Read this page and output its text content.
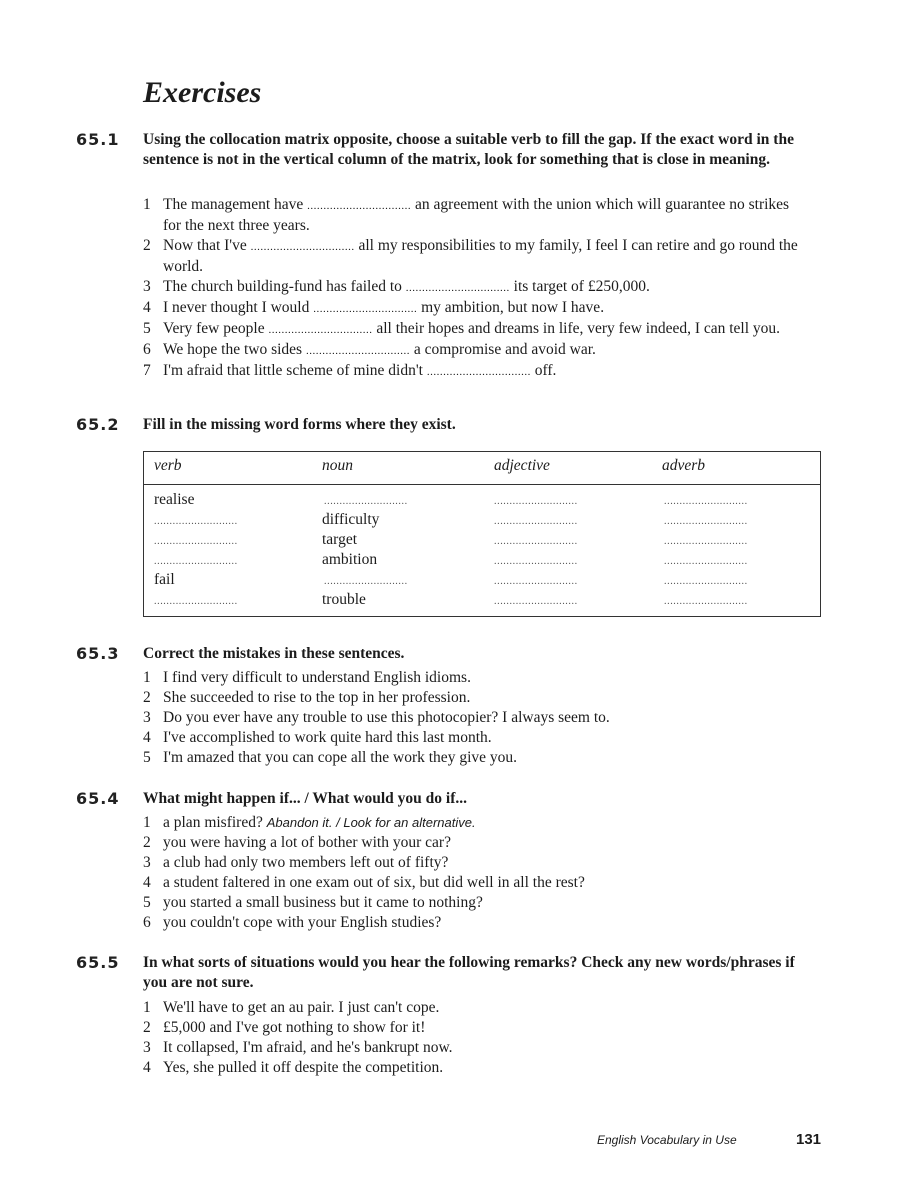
Exercises
65.1 Using the collocation matrix opposite, choose a suitable verb to fill the gap. If the exact word in the sentence is not in the vertical column of the matrix, look for something that is close in meaning.

1 The management have ................................ an agreement with the union which will guarantee no strikes for the next three years.
2 Now that I've ................................ all my responsibilities to my family, I feel I can retire and go round the world.
3 The church building-fund has failed to ................................ its target of £250,000.
4 I never thought I would ................................ my ambition, but now I have.
5 Very few people ................................ all their hopes and dreams in life, very few indeed, I can tell you.
6 We hope the two sides ................................ a compromise and avoid war.
7 I'm afraid that little scheme of mine didn't ................................ off.
65.2 Fill in the missing word forms where they exist.

verb	noun	adjective	adverb
realise	...........................	...........................	...........................
...........................	difficulty	...........................	...........................
...........................	target	...........................	...........................
...........................	ambition	...........................	...........................
fail	...........................	...........................	...........................
...........................	trouble	...........................	...........................
65.3 Correct the mistakes in these sentences.

1 I find very difficult to understand English idioms.
2 She succeeded to rise to the top in her profession.
3 Do you ever have any trouble to use this photocopier? I always seem to.
4 I've accomplished to work quite hard this last month.
5 I'm amazed that you can cope all the work they give you.
65.4 What might happen if... / What would you do if...

1 a plan misfired? Abandon it. / Look for an alternative.
2 you were having a lot of bother with your car?
3 a club had only two members left out of fifty?
4 a student faltered in one exam out of six, but did well in all the rest?
5 you started a small business but it came to nothing?
6 you couldn't cope with your English studies?
65.5 In what sorts of situations would you hear the following remarks? Check any new words/phrases if you are not sure.

1 We'll have to get an au pair. I just can't cope.
2 £5,000 and I've got nothing to show for it!
3 It collapsed, I'm afraid, and he's bankrupt now.
4 Yes, she pulled it off despite the competition.
English Vocabulary in Use	131
